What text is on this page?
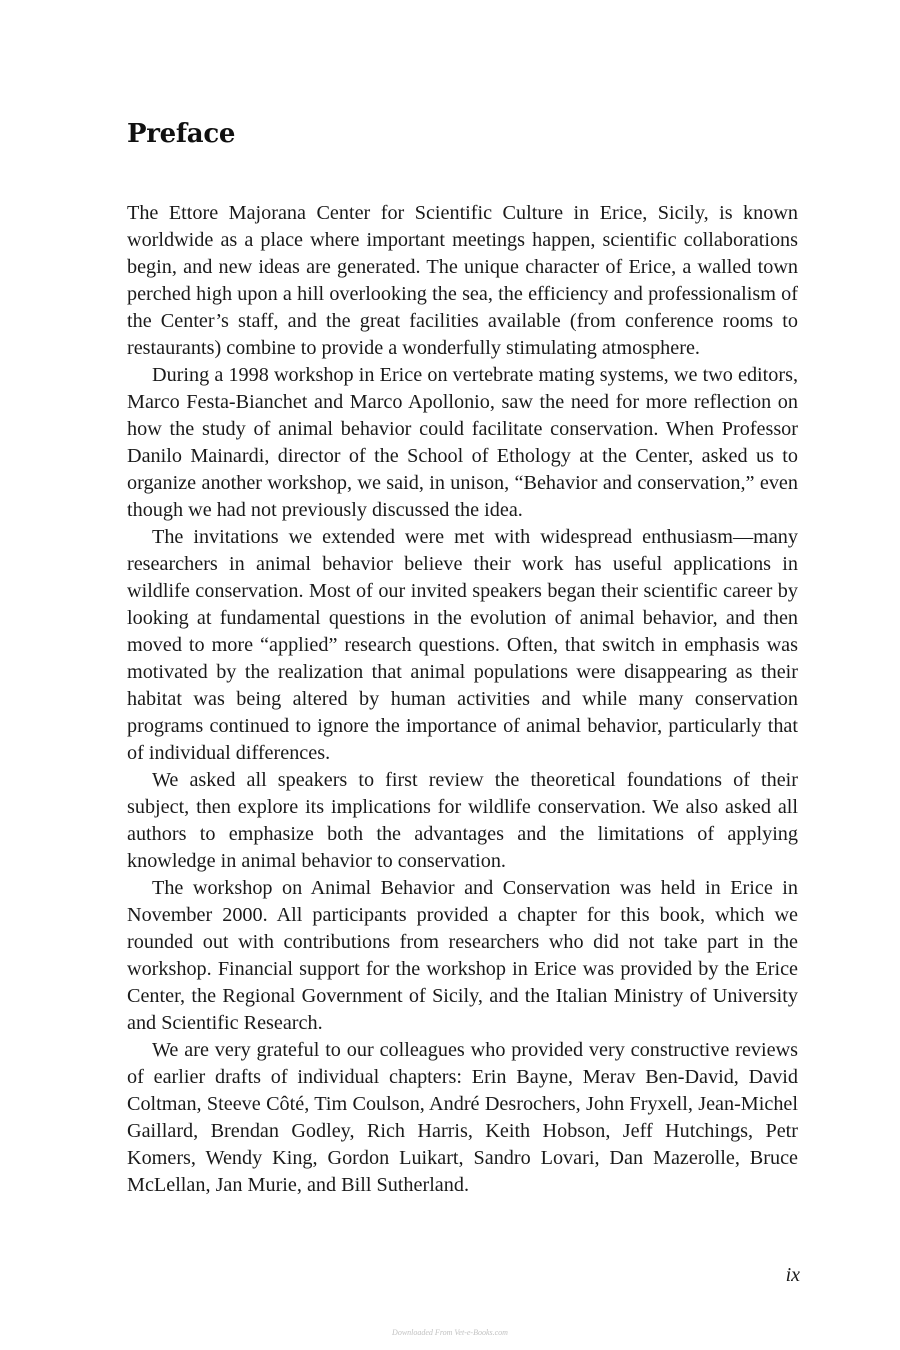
Preface

The Ettore Majorana Center for Scientific Culture in Erice, Sicily, is known worldwide as a place where important meetings happen, scientific collaborations begin, and new ideas are generated. The unique character of Erice, a walled town perched high upon a hill overlooking the sea, the efficiency and professionalism of the Center’s staff, and the great facilities available (from conference rooms to restaurants) combine to provide a wonderfully stimulating atmosphere.

During a 1998 workshop in Erice on vertebrate mating systems, we two editors, Marco Festa-Bianchet and Marco Apollonio, saw the need for more reflection on how the study of animal behavior could facilitate conservation. When Professor Danilo Mainardi, director of the School of Ethology at the Center, asked us to organize another workshop, we said, in unison, “Behavior and conservation,” even though we had not previously discussed the idea.

The invitations we extended were met with widespread enthusiasm—many researchers in animal behavior believe their work has useful applications in wildlife conservation. Most of our invited speakers began their scientific career by looking at fundamental questions in the evolution of animal behavior, and then moved to more “applied” research questions. Often, that switch in emphasis was motivated by the realization that animal populations were disappearing as their habitat was being altered by human activities and while many conservation programs continued to ignore the importance of animal behavior, particularly that of individual differences.

We asked all speakers to first review the theoretical foundations of their subject, then explore its implications for wildlife conservation. We also asked all authors to emphasize both the advantages and the limitations of applying knowledge in animal behavior to conservation.

The workshop on Animal Behavior and Conservation was held in Erice in November 2000. All participants provided a chapter for this book, which we rounded out with contributions from researchers who did not take part in the workshop. Financial support for the workshop in Erice was provided by the Erice Center, the Regional Government of Sicily, and the Italian Ministry of University and Scientific Research.

We are very grateful to our colleagues who provided very constructive reviews of earlier drafts of individual chapters: Erin Bayne, Merav Ben-David, David Coltman, Steeve Côté, Tim Coulson, André Desrochers, John Fryxell, Jean-Michel Gaillard, Brendan Godley, Rich Harris, Keith Hobson, Jeff Hutchings, Petr Komers, Wendy King, Gordon Luikart, Sandro Lovari, Dan Mazerolle, Bruce McLellan, Jan Murie, and Bill Sutherland.

ix
Downloaded From Vet-e-Books.com
